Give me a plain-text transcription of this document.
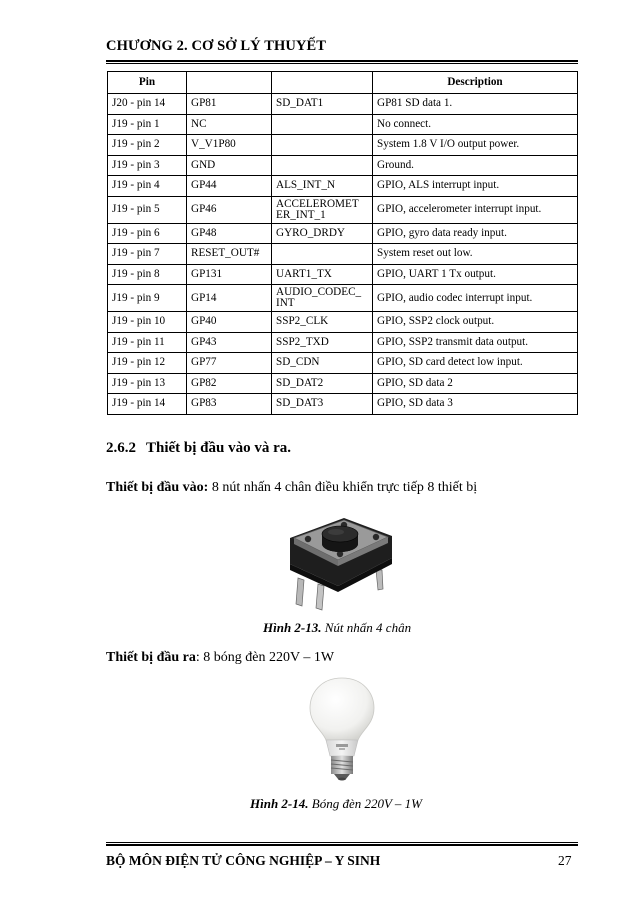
CHƯƠNG 2. CƠ SỞ LÝ THUYẾT
Pin			Description
J20 - pin 14	GP81	SD_DAT1	GP81 SD data 1.
J19 - pin 1	NC		No connect.
J19 - pin 2	V_V1P80		System 1.8 V I/O output power.
J19 - pin 3	GND		Ground.
J19 - pin 4	GP44	ALS_INT_N	GPIO, ALS interrupt input.
J19 - pin 5	GP46	ACCELEROMET ER_INT_1	GPIO, accelerometer interrupt input.
J19 - pin 6	GP48	GYRO_DRDY	GPIO, gyro data ready input.
J19 - pin 7	RESET_OUT#		System reset out low.
J19 - pin 8	GP131	UART1_TX	GPIO, UART 1 Tx output.
J19 - pin 9	GP14	AUDIO_CODEC_ INT	GPIO, audio codec interrupt input.
J19 - pin 10	GP40	SSP2_CLK	GPIO, SSP2 clock output.
J19 - pin 11	GP43	SSP2_TXD	GPIO, SSP2 transmit data output.
J19 - pin 12	GP77	SD_CDN	GPIO, SD card detect low input.
J19 - pin 13	GP82	SD_DAT2	GPIO, SD data 2
J19 - pin 14	GP83	SD_DAT3	GPIO, SD data 3
2.6.2 Thiết bị đầu vào và ra.
Thiết bị đầu vào: 8 nút nhấn 4 chân điều khiển trực tiếp 8 thiết bị
Hình 2-13. Nút nhấn 4 chân
Thiết bị đầu ra: 8 bóng đèn 220V – 1W
Hình 2-14. Bóng đèn 220V – 1W
BỘ MÔN ĐIỆN TỬ CÔNG NGHIỆP – Y SINH	27
